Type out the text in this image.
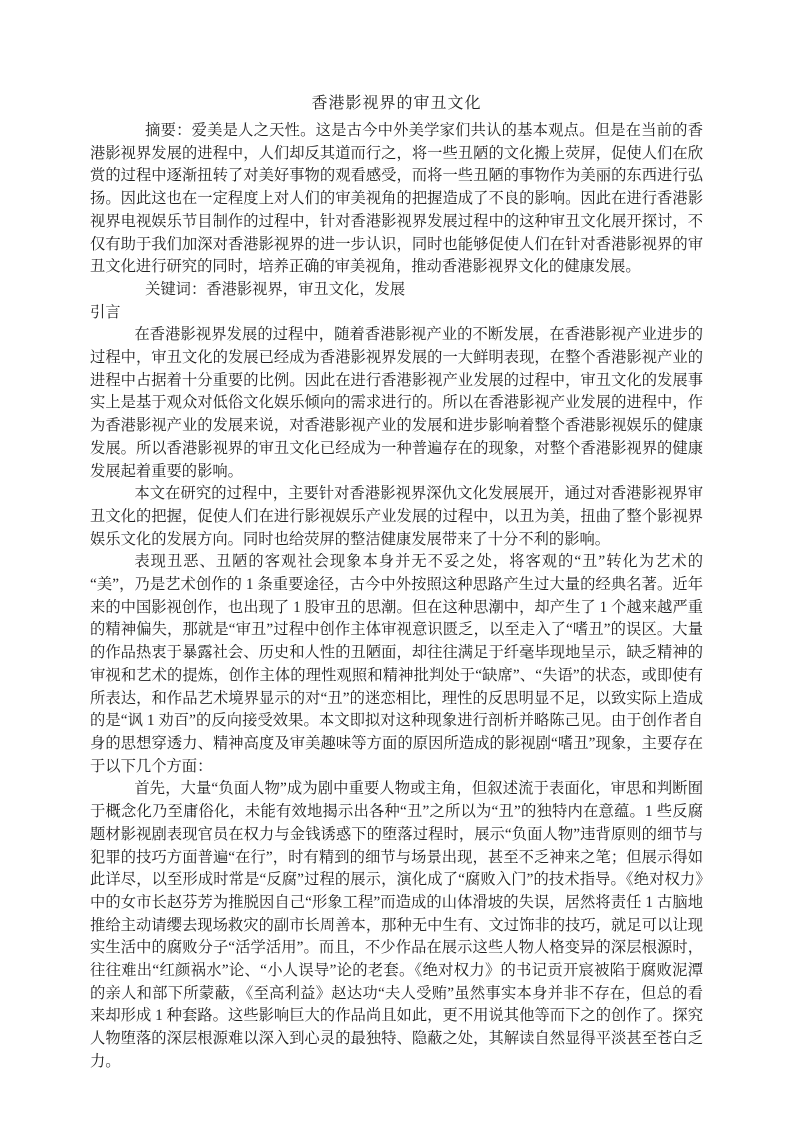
香港影视界的审丑文化

摘要：爱美是人之天性。这是古今中外美学家们共认的基本观点。但是在当前的香港影视界发展的进程中，人们却反其道而行之，将一些丑陋的文化搬上荧屏，促使人们在欣赏的过程中逐渐扭转了对美好事物的观看感受，而将一些丑陋的事物作为美丽的东西进行弘扬。因此这也在一定程度上对人们的审美视角的把握造成了不良的影响。因此在进行香港影视界电视娱乐节目制作的过程中，针对香港影视界发展过程中的这种审丑文化展开探讨，不仅有助于我们加深对香港影视界的进一步认识，同时也能够促使人们在针对香港影视界的审丑文化进行研究的同时，培养正确的审美视角，推动香港影视界文化的健康发展。

关键词：香港影视界，审丑文化，发展

引言

在香港影视界发展的过程中，随着香港影视产业的不断发展，在香港影视产业进步的过程中，审丑文化的发展已经成为香港影视界发展的一大鲜明表现，在整个香港影视产业的进程中占据着十分重要的比例。因此在进行香港影视产业发展的过程中，审丑文化的发展事实上是基于观众对低俗文化娱乐倾向的需求进行的。所以在香港影视产业发展的进程中，作为香港影视产业的发展来说，对香港影视产业的发展和进步影响着整个香港影视娱乐的健康发展。所以香港影视界的审丑文化已经成为一种普遍存在的现象，对整个香港影视界的健康发展起着重要的影响。

本文在研究的过程中，主要针对香港影视界深仇文化发展展开，通过对香港影视界审丑文化的把握，促使人们在进行影视娱乐产业发展的过程中，以丑为美，扭曲了整个影视界娱乐文化的发展方向。同时也给荧屏的整洁健康发展带来了十分不利的影响。

表现丑恶、丑陋的客观社会现象本身并无不妥之处，将客观的“丑”转化为艺术的“美”，乃是艺术创作的 1 条重要途径，古今中外按照这种思路产生过大量的经典名著。近年来的中国影视创作，也出现了 1 股审丑的思潮。但在这种思潮中，却产生了 1 个越来越严重的精神偏失，那就是“审丑”过程中创作主体审视意识匮乏，以至走入了“嗜丑”的误区。大量的作品热衷于暴露社会、历史和人性的丑陋面，却往往满足于纤毫毕现地呈示，缺乏精神的审视和艺术的提炼，创作主体的理性观照和精神批判处于“缺席”、“失语”的状态，或即使有所表达，和作品艺术境界显示的对“丑”的迷恋相比，理性的反思明显不足，以致实际上造成的是“讽 1 劝百”的反向接受效果。本文即拟对这种现象进行剖析并略陈己见。由于创作者自身的思想穿透力、精神高度及审美趣味等方面的原因所造成的影视剧“嗜丑”现象，主要存在于以下几个方面：

首先，大量“负面人物”成为剧中重要人物或主角，但叙述流于表面化，审思和判断囿于概念化乃至庸俗化，未能有效地揭示出各种“丑”之所以为“丑”的独特内在意蕴。1 些反腐题材影视剧表现官员在权力与金钱诱惑下的堕落过程时，展示“负面人物”违背原则的细节与犯罪的技巧方面普遍“在行”，时有精到的细节与场景出现，甚至不乏神来之笔；但展示得如此详尽，以至形成时常是“反腐”过程的展示，演化成了“腐败入门”的技术指导。《绝对权力》中的女市长赵芬芳为推脱因自己“形象工程”而造成的山体滑坡的失误，居然将责任 1 古脑地推给主动请缨去现场救灾的副市长周善本，那种无中生有、文过饰非的技巧，就足可以让现实生活中的腐败分子“活学活用”。而且，不少作品在展示这些人物人格变异的深层根源时，往往难出“红颜祸水”论、“小人误导”论的老套。《绝对权力》的书记贡开宸被陷于腐败泥潭的亲人和部下所蒙蔽，《至高利益》赵达功“夫人受贿”虽然事实本身并非不存在，但总的看来却形成 1 种套路。这些影响巨大的作品尚且如此，更不用说其他等而下之的创作了。探究人物堕落的深层根源难以深入到心灵的最独特、隐蔽之处，其解读自然显得平淡甚至苍白乏力。
